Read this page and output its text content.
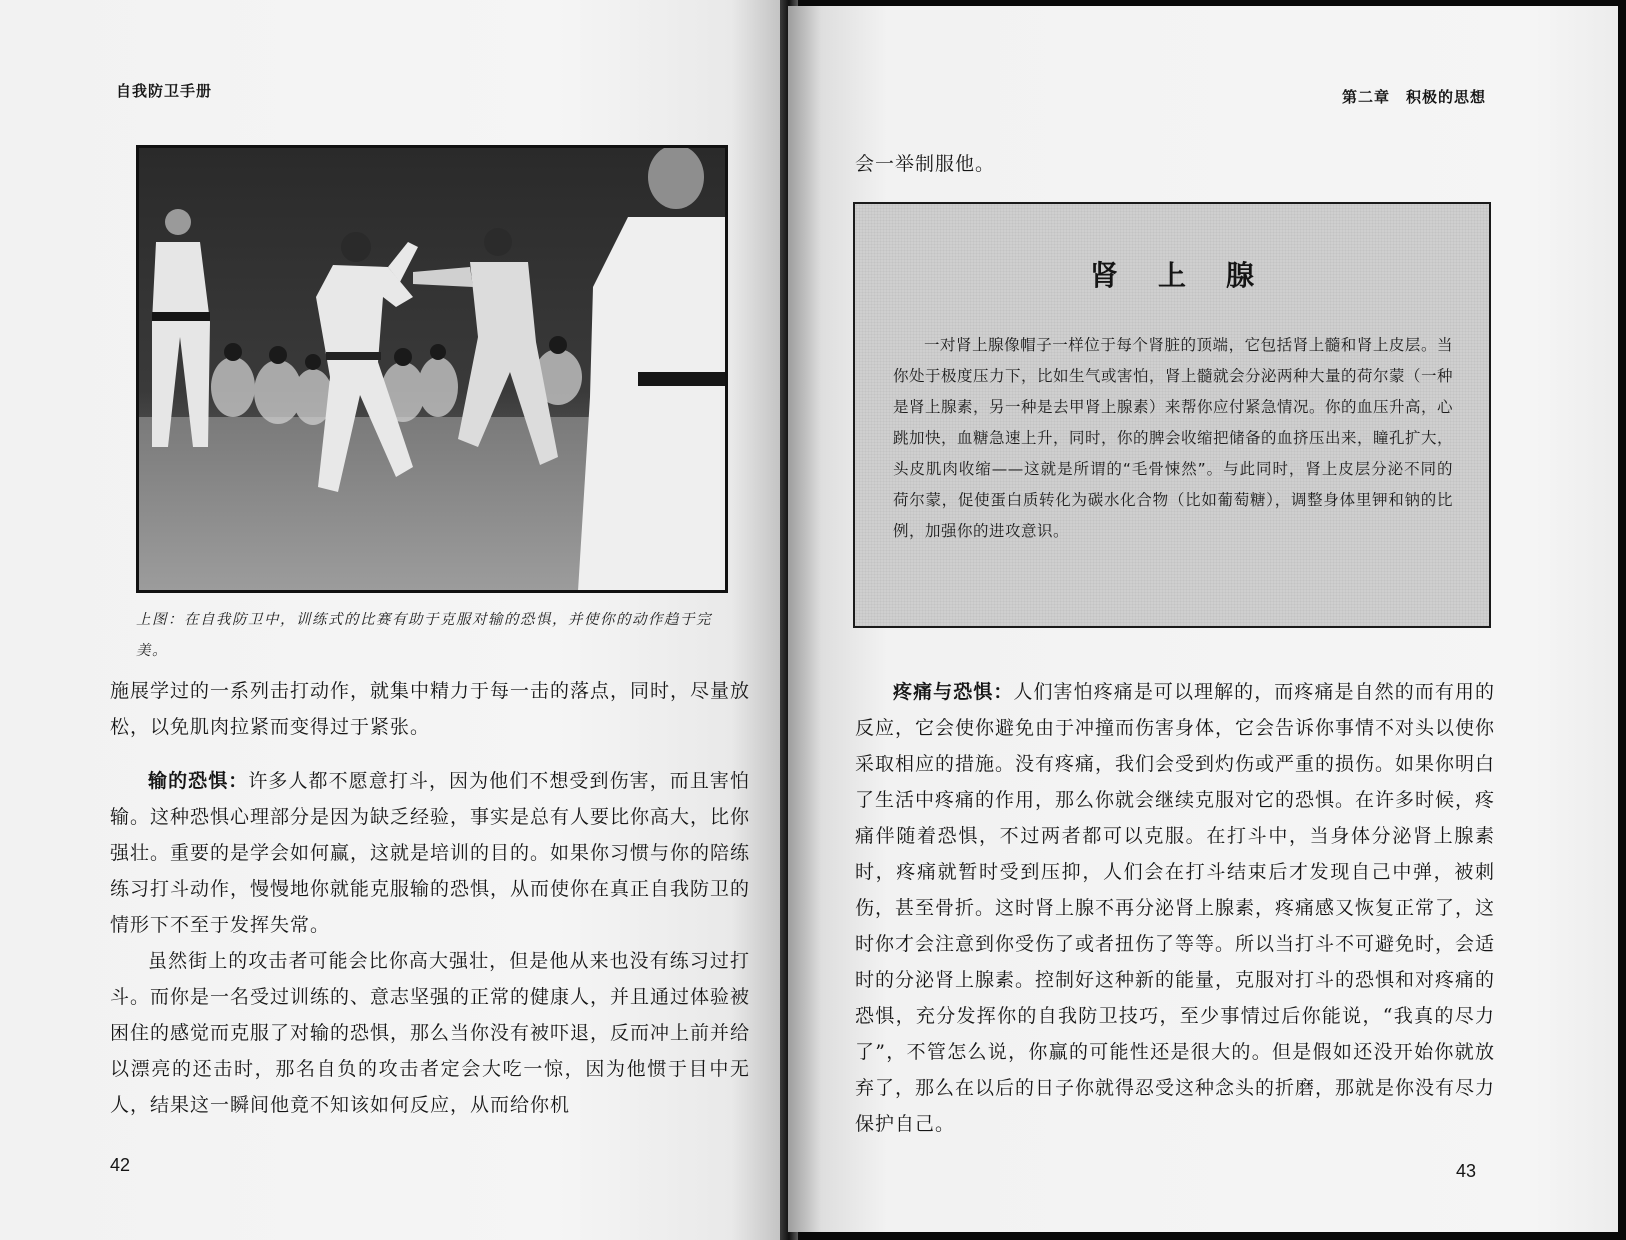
自我防卫手册
上图：在自我防卫中，训练式的比赛有助于克服对输的恐惧，并使你的动作趋于完美。

施展学过的一系列击打动作，就集中精力于每一击的落点，同时，尽量放松，以免肌肉拉紧而变得过于紧张。

输的恐惧：许多人都不愿意打斗，因为他们不想受到伤害，而且害怕输。这种恐惧心理部分是因为缺乏经验，事实是总有人要比你高大，比你强壮。重要的是学会如何赢，这就是培训的目的。如果你习惯与你的陪练练习打斗动作，慢慢地你就能克服输的恐惧，从而使你在真正自我防卫的情形下不至于发挥失常。

虽然街上的攻击者可能会比你高大强壮，但是他从来也没有练习过打斗。而你是一名受过训练的、意志坚强的正常的健康人，并且通过体验被困住的感觉而克服了对输的恐惧，那么当你没有被吓退，反而冲上前并给以漂亮的还击时，那名自负的攻击者定会大吃一惊，因为他惯于目中无人，结果这一瞬间他竟不知该如何反应，从而给你机

42
第二章　积极的思想

会一举制服他。

肾上腺
一对肾上腺像帽子一样位于每个肾脏的顶端，它包括肾上髓和肾上皮层。当你处于极度压力下，比如生气或害怕，肾上髓就会分泌两种大量的荷尔蒙（一种是肾上腺素，另一种是去甲肾上腺素）来帮你应付紧急情况。你的血压升高，心跳加快，血糖急速上升，同时，你的脾会收缩把储备的血挤压出来，瞳孔扩大，头皮肌肉收缩——这就是所谓的“毛骨悚然”。与此同时，肾上皮层分泌不同的荷尔蒙，促使蛋白质转化为碳水化合物（比如葡萄糖），调整身体里钾和钠的比例，加强你的进攻意识。

疼痛与恐惧：人们害怕疼痛是可以理解的，而疼痛是自然的而有用的反应，它会使你避免由于冲撞而伤害身体，它会告诉你事情不对头以使你采取相应的措施。没有疼痛，我们会受到灼伤或严重的损伤。如果你明白了生活中疼痛的作用，那么你就会继续克服对它的恐惧。在许多时候，疼痛伴随着恐惧，不过两者都可以克服。在打斗中，当身体分泌肾上腺素时，疼痛就暂时受到压抑，人们会在打斗结束后才发现自己中弹，被刺伤，甚至骨折。这时肾上腺不再分泌肾上腺素，疼痛感又恢复正常了，这时你才会注意到你受伤了或者扭伤了等等。所以当打斗不可避免时，会适时的分泌肾上腺素。控制好这种新的能量，克服对打斗的恐惧和对疼痛的恐惧，充分发挥你的自我防卫技巧，至少事情过后你能说，“我真的尽力了”，不管怎么说，你赢的可能性还是很大的。但是假如还没开始你就放弃了，那么在以后的日子你就得忍受这种念头的折磨，那就是你没有尽力保护自己。

43
